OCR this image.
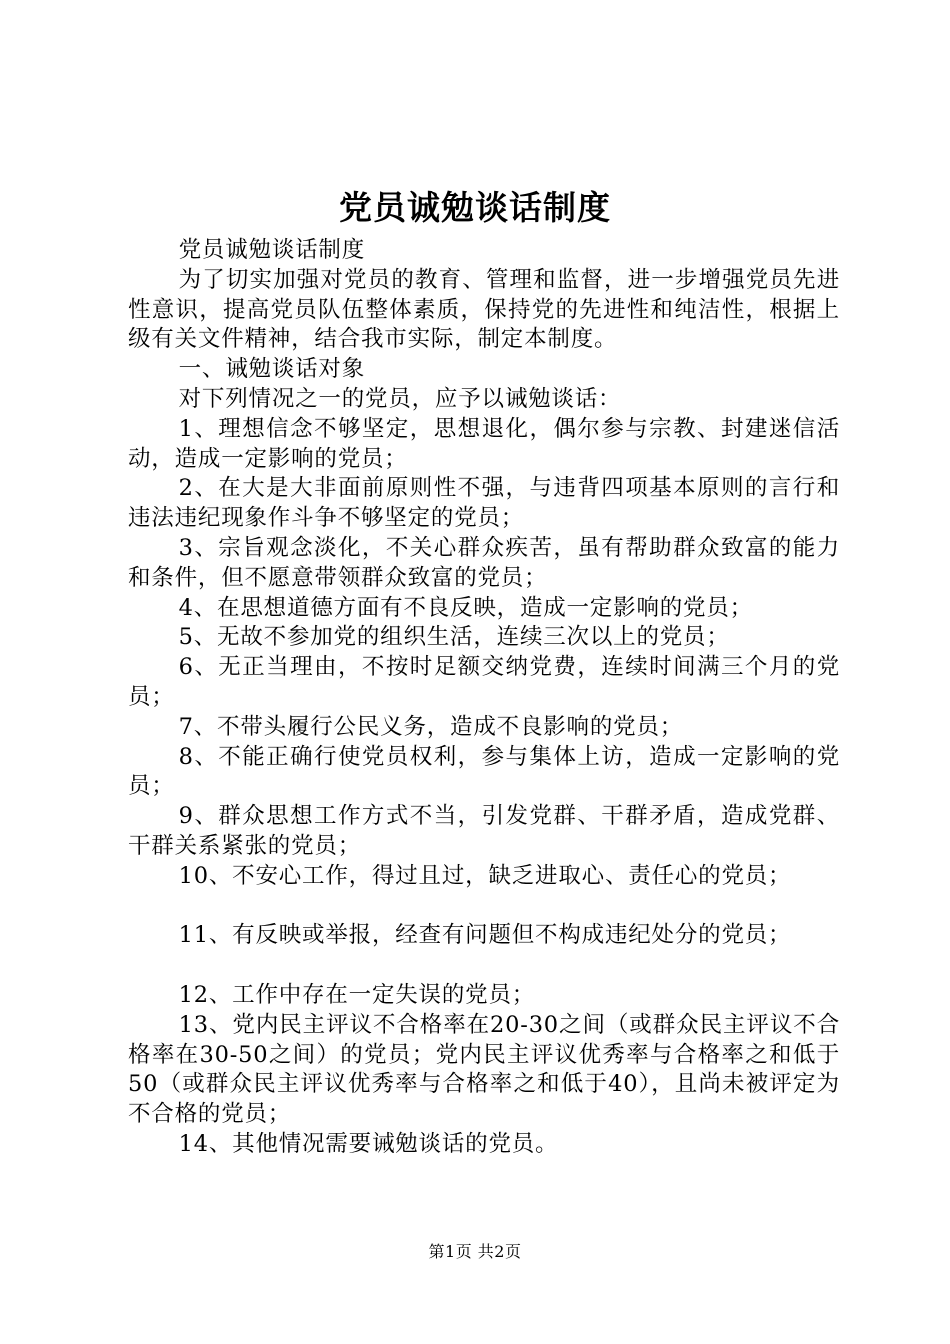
党员诚勉谈话制度

党员诚勉谈话制度

为了切实加强对党员的教育、管理和监督，进一步增强党员先进性意识，提高党员队伍整体素质，保持党的先进性和纯洁性，根据上级有关文件精神，结合我市实际，制定本制度。

一、诫勉谈话对象

对下列情况之一的党员，应予以诫勉谈话：

1、理想信念不够坚定，思想退化，偶尔参与宗教、封建迷信活动，造成一定影响的党员；

2、在大是大非面前原则性不强，与违背四项基本原则的言行和违法违纪现象作斗争不够坚定的党员；

3、宗旨观念淡化，不关心群众疾苦，虽有帮助群众致富的能力和条件，但不愿意带领群众致富的党员；

4、在思想道德方面有不良反映，造成一定影响的党员；

5、无故不参加党的组织生活，连续三次以上的党员；

6、无正当理由，不按时足额交纳党费，连续时间满三个月的党员；

7、不带头履行公民义务，造成不良影响的党员；

8、不能正确行使党员权利，参与集体上访，造成一定影响的党员；

9、群众思想工作方式不当，引发党群、干群矛盾，造成党群、干群关系紧张的党员；

10、不安心工作，得过且过，缺乏进取心、责任心的党员；

11、有反映或举报，经查有问题但不构成违纪处分的党员；

12、工作中存在一定失误的党员；

13、党内民主评议不合格率在20-30之间（或群众民主评议不合格率在30-50之间）的党员；党内民主评议优秀率与合格率之和低于50（或群众民主评议优秀率与合格率之和低于40），且尚未被评定为不合格的党员；

14、其他情况需要诫勉谈话的党员。

第1页 共2页
